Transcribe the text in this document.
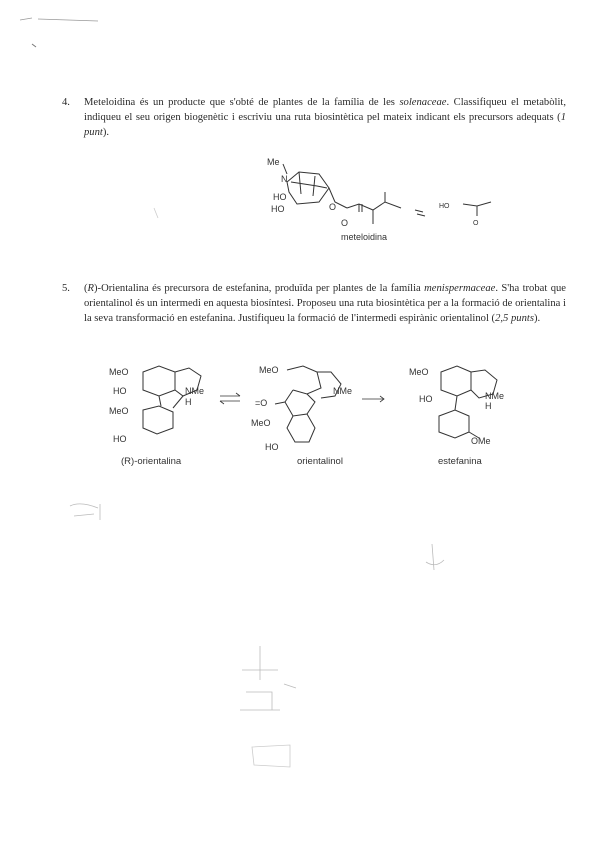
4. Meteloidina és un producte que s'obté de plantes de la família de les solenaceae. Classifiqueu el metabòlit, indiqueu el seu origen biogenètic i escriviu una ruta biosintètica pel mateix indicant els precursors adequats (1 punt).
Me
N
HO
HO	O
meteloidina
O
HO
O
5. (R)-Orientalina és precursora de estefanina, produïda per plantes de la família menispermaceae. S'ha trobat que orientalinol és un intermedi en aquesta biosíntesi. Proposeu una ruta biosintètica per a la formació de orientalina i la seva transformació en estefanina. Justifiqueu la formació de l'intermedi espirànic orientalinol (2,5 punts).
MeO
HO	NMe
H
MeO
HO
(R)-orientalina
MeO
NMe
=O
MeO
HO
orientalinol
MeO
HO	NMe
H
OMe
estefanina
